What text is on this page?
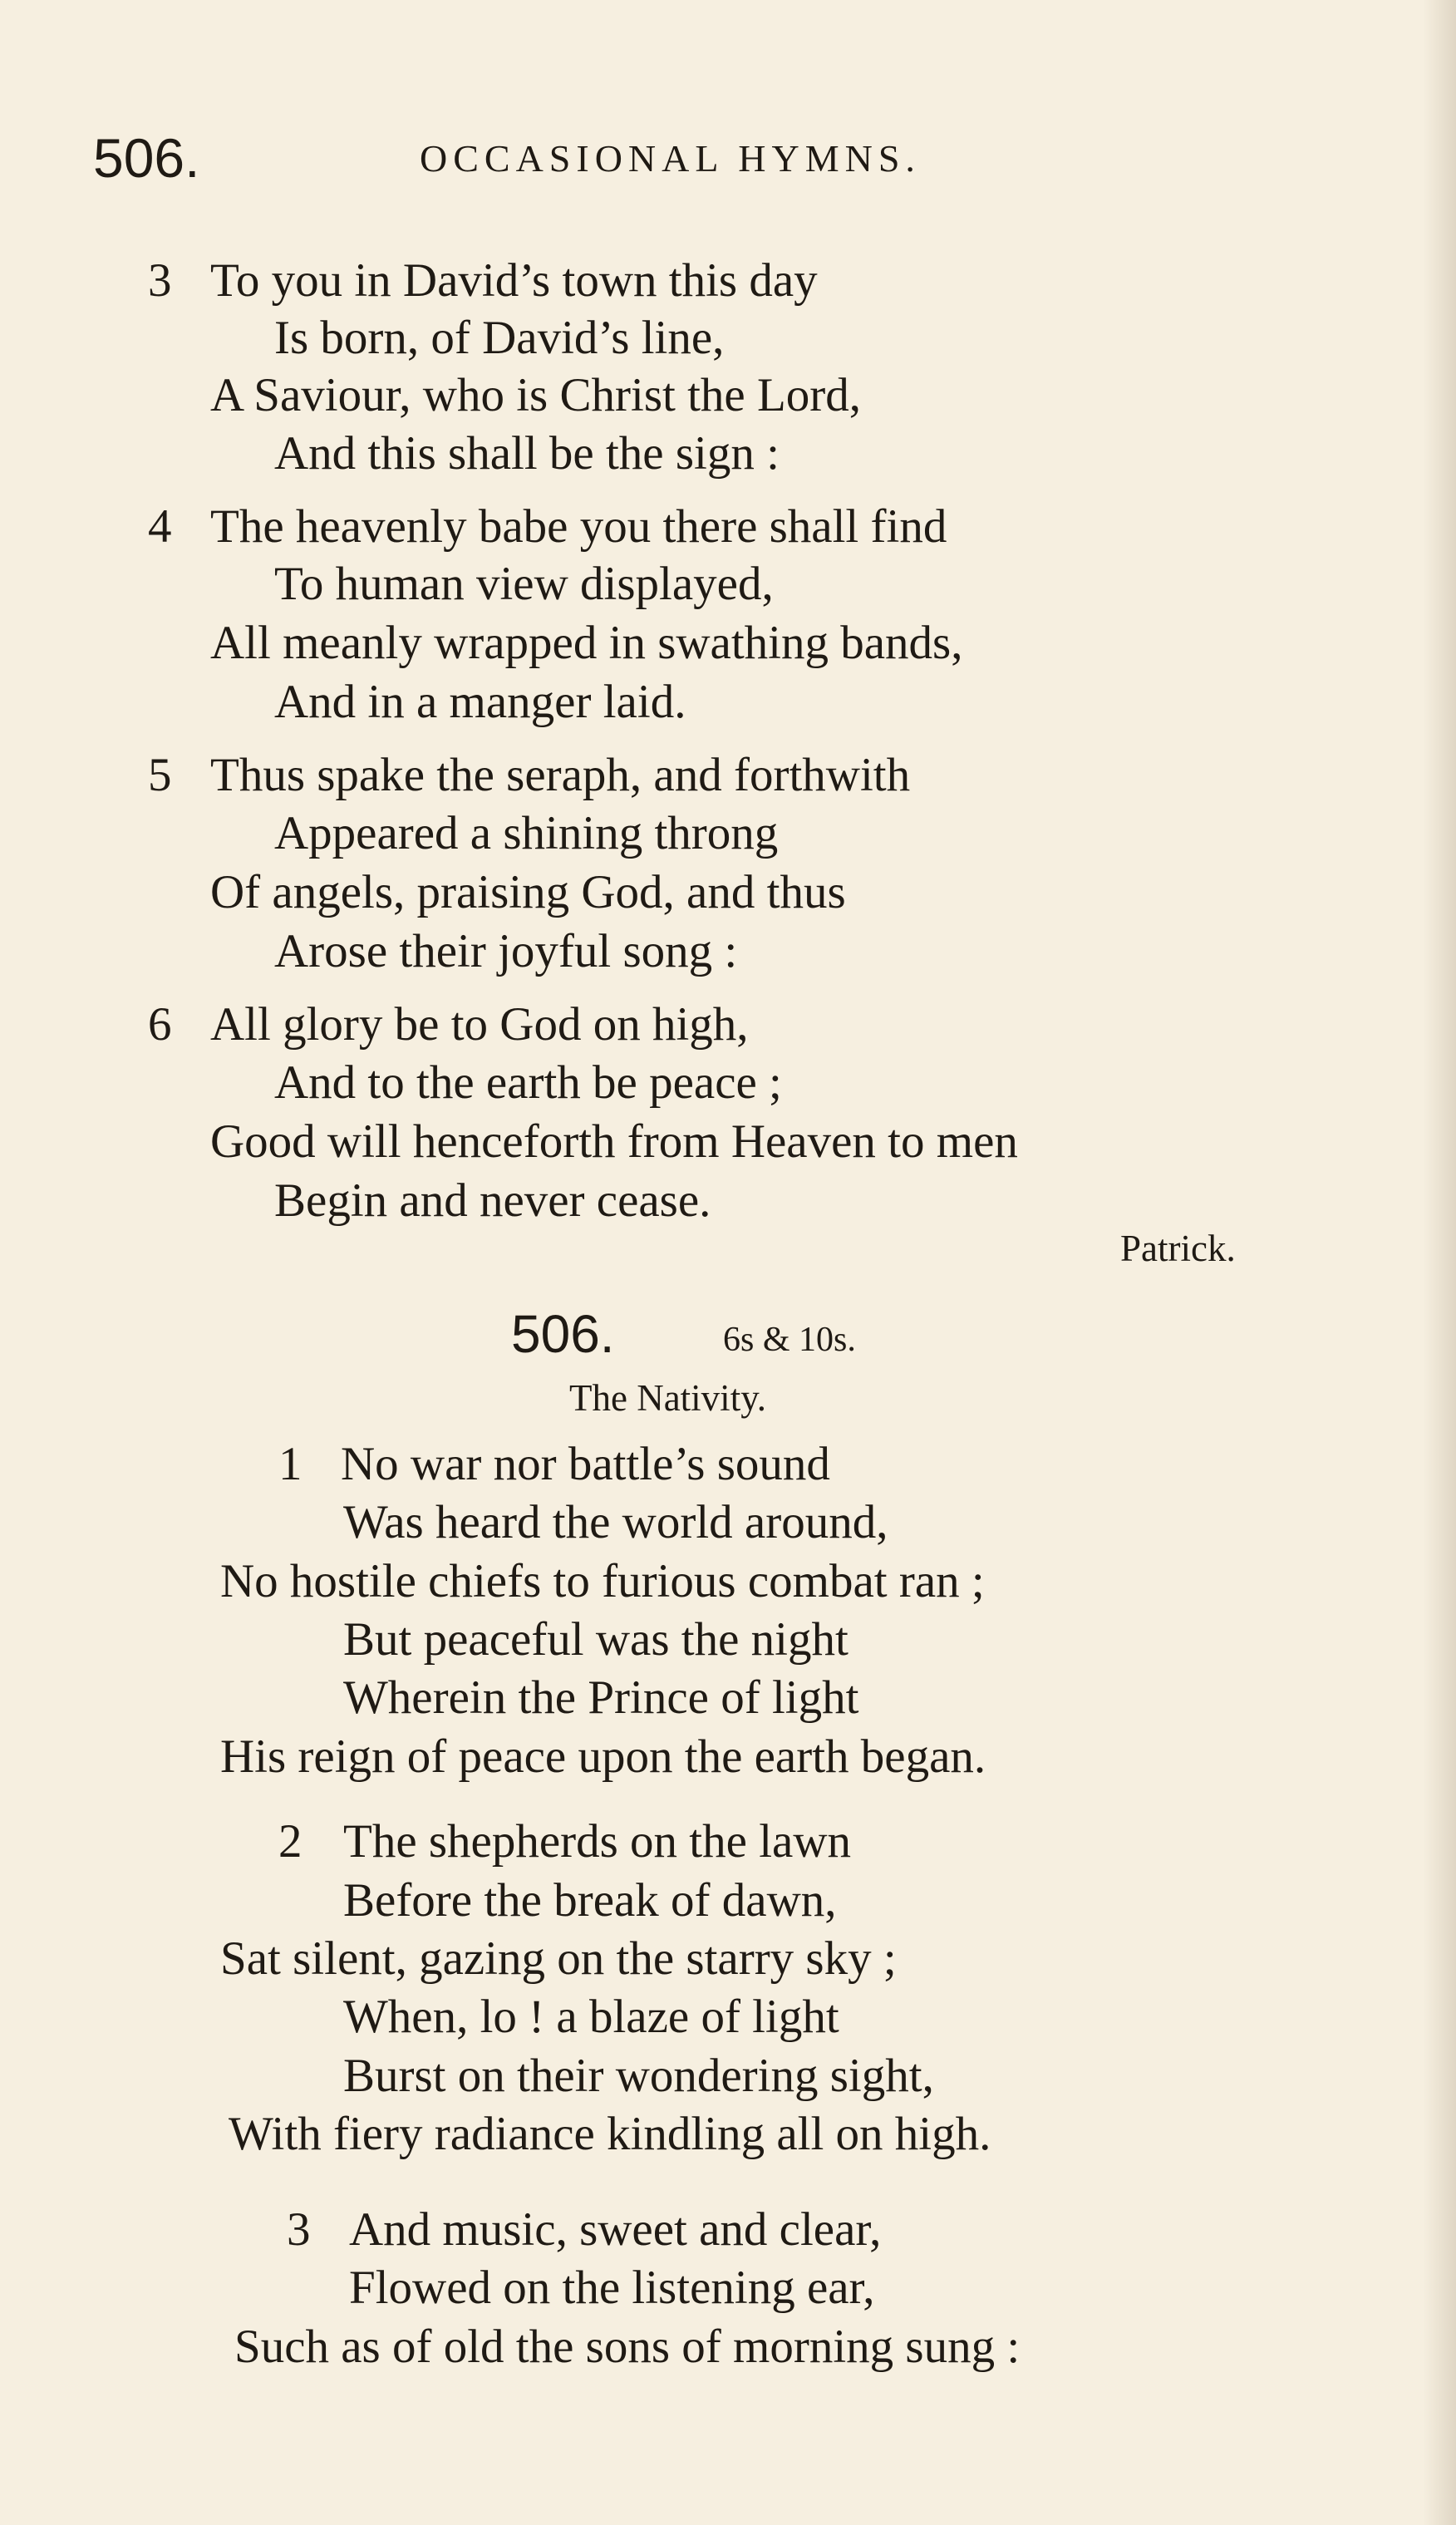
506.	OCCASIONAL HYMNS.
3 To you in David’s town this day
Is born, of David’s line,
A Saviour, who is Christ the Lord,
And this shall be the sign :
4 The heavenly babe you there shall find
To human view displayed,
All meanly wrapped in swathing bands,
And in a manger laid.
5 Thus spake the seraph, and forthwith
Appeared a shining throng
Of angels, praising God, and thus
Arose their joyful song :
6 All glory be to God on high,
And to the earth be peace ;
Good will henceforth from Heaven to men
Begin and never cease.
Patrick.
506.	6s & 10s.
The Nativity.
1 No war nor battle’s sound
Was heard the world around,
No hostile chiefs to furious combat ran ;
But peaceful was the night
Wherein the Prince of light
His reign of peace upon the earth began.
2 The shepherds on the lawn
Before the break of dawn,
Sat silent, gazing on the starry sky ;
When, lo ! a blaze of light
Burst on their wondering sight,
With fiery radiance kindling all on high.
3 And music, sweet and clear,
Flowed on the listening ear,
Such as of old the sons of morning sung :
